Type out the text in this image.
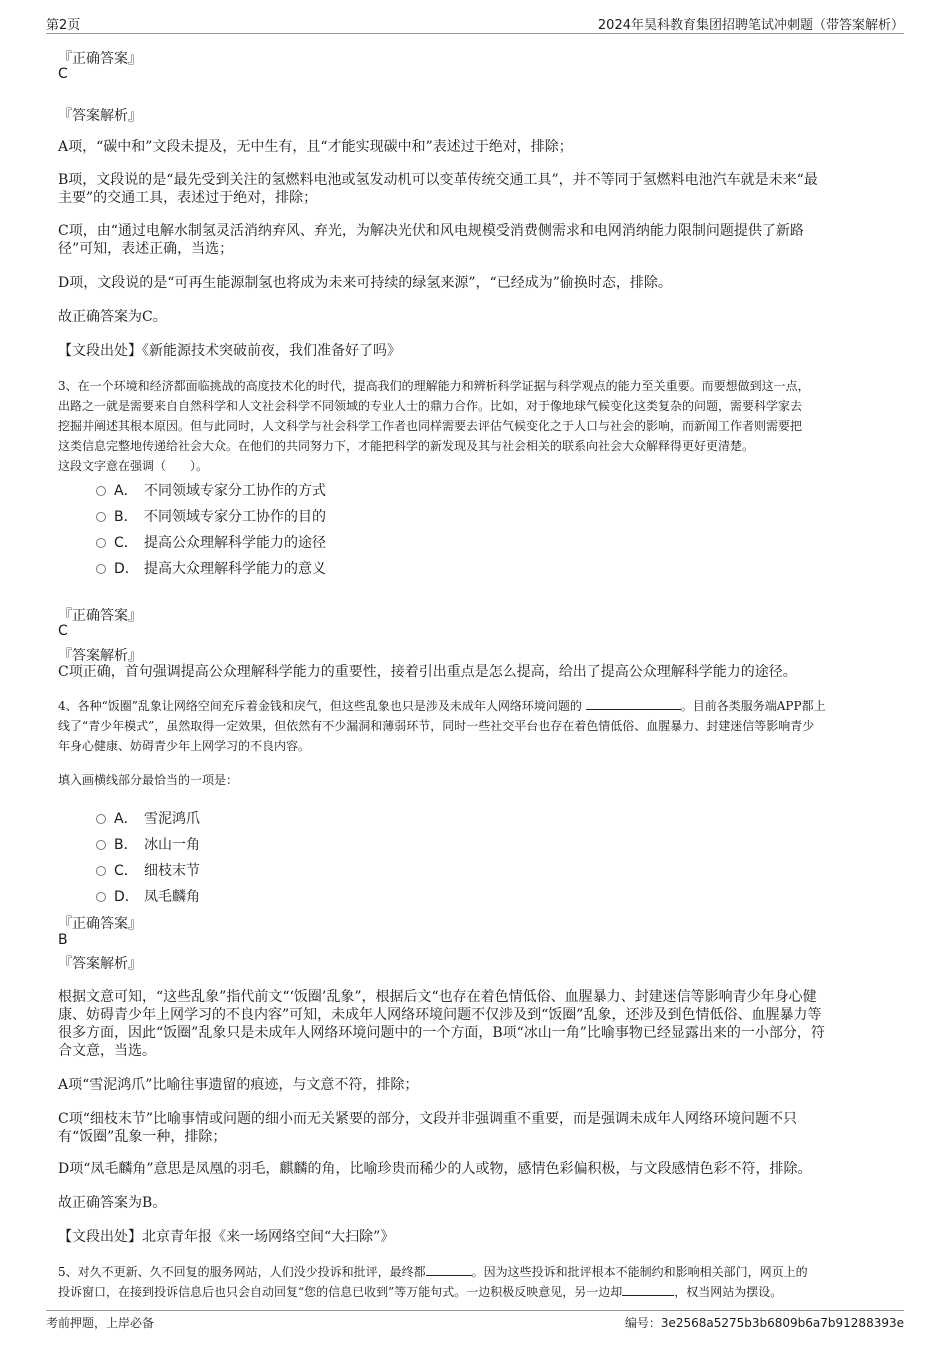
第2页	2024年昊科教育集团招聘笔试冲刺题（带答案解析）
『正确答案』
C
『答案解析』
A项，“碳中和”文段未提及，无中生有，且“才能实现碳中和”表述过于绝对，排除；
B项，文段说的是“最先受到关注的氢燃料电池或氢发动机可以变革传统交通工具”，并不等同于氢燃料电池汽车就是未来“最
主要”的交通工具，表述过于绝对，排除；
C项，由“通过电解水制氢灵活消纳弃风、弃光，为解决光伏和风电规模受消费侧需求和电网消纳能力限制问题提供了新路
径”可知，表述正确，当选；
D项，文段说的是“可再生能源制氢也将成为未来可持续的绿氢来源”，“已经成为”偷换时态，排除。
故正确答案为C。
【文段出处】《新能源技术突破前夜，我们准备好了吗》
3、在一个环境和经济都面临挑战的高度技术化的时代，提高我们的理解能力和辨析科学证据与科学观点的能力至关重要。而要想做到这一点，
出路之一就是需要来自自然科学和人文社会科学不同领域的专业人士的鼎力合作。比如，对于像地球气候变化这类复杂的问题，需要科学家去
挖掘并阐述其根本原因。但与此同时，人文科学与社会科学工作者也同样需要去评估气候变化之于人口与社会的影响，而新闻工作者则需要把
这类信息完整地传递给社会大众。在他们的共同努力下，才能把科学的新发现及其与社会相关的联系向社会大众解释得更好更清楚。
这段文字意在强调（　　）。
A． 不同领域专家分工协作的方式
B． 不同领域专家分工协作的目的
C． 提高公众理解科学能力的途径
D． 提高大众理解科学能力的意义
『正确答案』
C
『答案解析』
C项正确，首句强调提高公众理解科学能力的重要性，接着引出重点是怎么提高，给出了提高公众理解科学能力的途径。
4、各种“饭圈”乱象让网络空间充斥着金钱和戾气，但这些乱象也只是涉及未成年人网络环境问题的	。目前各类服务端APP都上
线了“青少年模式”，虽然取得一定效果，但依然有不少漏洞和薄弱环节，同时一些社交平台也存在着色情低俗、血腥暴力、封建迷信等影响青少
年身心健康、妨碍青少年上网学习的不良内容。
填入画横线部分最恰当的一项是：
A． 雪泥鸿爪
B． 冰山一角
C． 细枝末节
D． 凤毛麟角
『正确答案』
B
『答案解析』
根据文意可知，“这些乱象”指代前文“‘饭圈’乱象”，根据后文“也存在着色情低俗、血腥暴力、封建迷信等影响青少年身心健
康、妨碍青少年上网学习的不良内容”可知，未成年人网络环境问题不仅涉及到“饭圈”乱象，还涉及到色情低俗、血腥暴力等
很多方面，因此“饭圈”乱象只是未成年人网络环境问题中的一个方面，B项“冰山一角”比喻事物已经显露出来的一小部分，符
合文意，当选。
A项“雪泥鸿爪”比喻往事遗留的痕迹，与文意不符，排除；
C项“细枝末节”比喻事情或问题的细小而无关紧要的部分，文段并非强调重不重要，而是强调未成年人网络环境问题不只
有“饭圈”乱象一种，排除；
D项“凤毛麟角”意思是凤凰的羽毛，麒麟的角，比喻珍贵而稀少的人或物，感情色彩偏积极，与文段感情色彩不符，排除。
故正确答案为B。
【文段出处】北京青年报《来一场网络空间“大扫除”》
5、对久不更新、久不回复的服务网站，人们没少投诉和批评，最终都	。因为这些投诉和批评根本不能制约和影响相关部门，网页上的
投诉窗口，在接到投诉信息后也只会自动回复“您的信息已收到”等万能句式。一边积极反映意见，另一边却	，权当网站为摆设。
考前押题，上岸必备	编号：3e2568a5275b3b6809b6a7b91288393e
